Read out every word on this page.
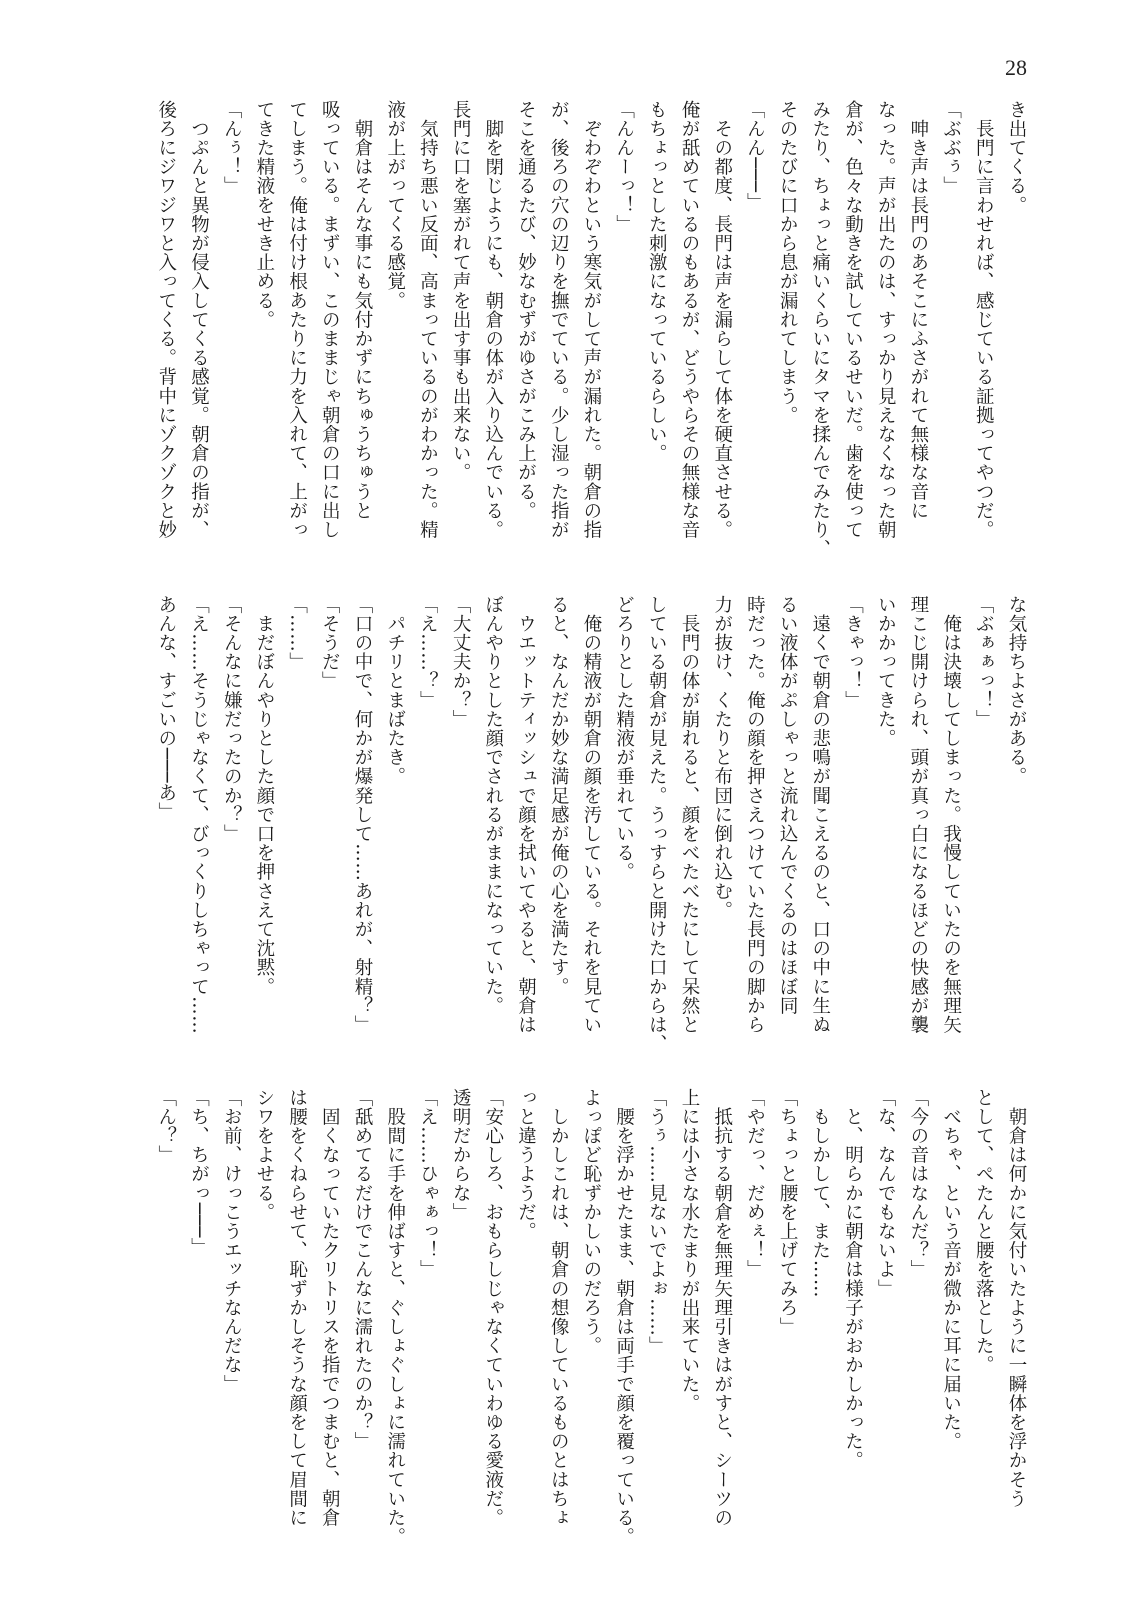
28
き出てくる。
　長門に言わせれば、感じている証拠ってやつだ。
「ぶぶぅ」
　呻き声は長門のあそこにふさがれて無様な音に
なった。声が出たのは、すっかり見えなくなった朝
倉が、色々な動きを試しているせいだ。歯を使って
みたり、ちょっと痛いくらいにタマを揉んでみたり、
そのたびに口から息が漏れてしまう。
「んん───」
　その都度、長門は声を漏らして体を硬直させる。
俺が舐めているのもあるが、どうやらその無様な音
もちょっとした刺激になっているらしい。
「んんーっ！」
　ぞわぞわという寒気がして声が漏れた。朝倉の指
が、後ろの穴の辺りを撫でている。少し湿った指が
そこを通るたび、妙なむずがゆさがこみ上がる。
　脚を閉じようにも、朝倉の体が入り込んでいる。
長門に口を塞がれて声を出す事も出来ない。
　気持ち悪い反面、高まっているのがわかった。精
液が上がってくる感覚。
　朝倉はそんな事にも気付かずにちゅうちゅうと
吸っている。まずい、このままじゃ朝倉の口に出し
てしまう。俺は付け根あたりに力を入れて、上がっ
てきた精液をせき止める。
「んぅ！」
　つぷんと異物が侵入してくる感覚。朝倉の指が、
後ろにジワジワと入ってくる。背中にゾクゾクと妙
な気持ちよさがある。
「ぶぁぁっ！」
　俺は決壊してしまった。我慢していたのを無理矢
理こじ開けられ、頭が真っ白になるほどの快感が襲
いかかってきた。
「きゃっ！」
　遠くで朝倉の悲鳴が聞こえるのと、口の中に生ぬ
るい液体がぷしゃっと流れ込んでくるのはほぼ同
時だった。俺の顔を押さえつけていた長門の脚から
力が抜け、くたりと布団に倒れ込む。
　長門の体が崩れると、顔をべたべたにして呆然と
している朝倉が見えた。うっすらと開けた口からは、
どろりとした精液が垂れている。
　俺の精液が朝倉の顔を汚している。それを見てい
ると、なんだか妙な満足感が俺の心を満たす。
　ウエットティッシュで顔を拭いてやると、朝倉は
ぼんやりとした顔でされるがままになっていた。
「大丈夫か？」
「え……？」
　パチリとまばたき。
「口の中で、何かが爆発して……あれが、射精？」
「そうだ」
「……」
　まだぼんやりとした顔で口を押さえて沈黙。
「そんなに嫌だったのか？」
「え……そうじゃなくて、びっくりしちゃって……
あんな、すごいの───あ」
　朝倉は何かに気付いたように一瞬体を浮かそう
として、ぺたんと腰を落とした。
　べちゃ、という音が微かに耳に届いた。
「今の音はなんだ？」
「な、なんでもないよ」
　と、明らかに朝倉は様子がおかしかった。
　もしかして、また……
「ちょっと腰を上げてみろ」
「やだっ、だめぇ！」
　抵抗する朝倉を無理矢理引きはがすと、シーツの
上には小さな水たまりが出来ていた。
「うぅ……見ないでよぉ……」
　腰を浮かせたまま、朝倉は両手で顔を覆っている。
よっぽど恥ずかしいのだろう。
　しかしこれは、朝倉の想像しているものとはちょ
っと違うようだ。
「安心しろ、おもらしじゃなくていわゆる愛液だ。
透明だからな」
「え……ひゃぁっ！」
　股間に手を伸ばすと、ぐしょぐしょに濡れていた。
「舐めてるだけでこんなに濡れたのか？」
　固くなっていたクリトリスを指でつまむと、朝倉
は腰をくねらせて、恥ずかしそうな顔をして眉間に
シワをよせる。
「お前、けっこうエッチなんだな」
「ち、ちがっ───」
「ん？」
